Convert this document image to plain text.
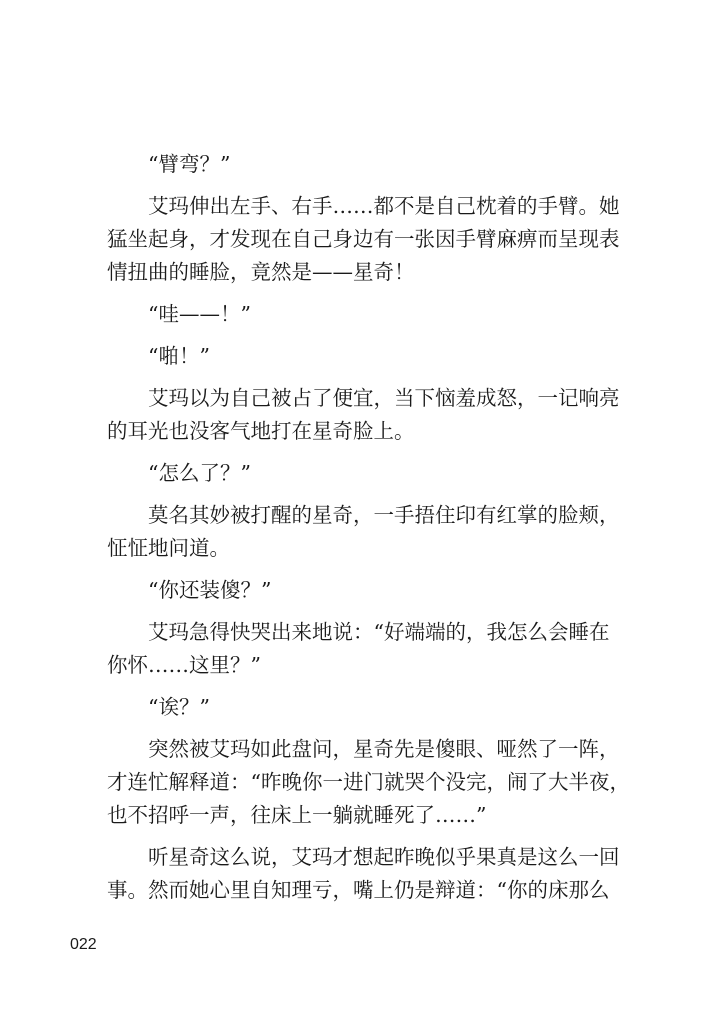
“臂弯？”

艾玛伸出左手、右手……都不是自己枕着的手臂。她
猛坐起身，才发现在自己身边有一张因手臂麻痹而呈现表
情扭曲的睡脸，竟然是——星奇！

“哇——！”

“啪！”

艾玛以为自己被占了便宜，当下恼羞成怒，一记响亮
的耳光也没客气地打在星奇脸上。

“怎么了？”

莫名其妙被打醒的星奇，一手捂住印有红掌的脸颊，
怔怔地问道。

“你还装傻？”

艾玛急得快哭出来地说：“好端端的，我怎么会睡在
你怀……这里？”

“诶？”

突然被艾玛如此盘问，星奇先是傻眼、哑然了一阵，
才连忙解释道：“昨晚你一进门就哭个没完，闹了大半夜，
也不招呼一声，往床上一躺就睡死了……”

听星奇这么说，艾玛才想起昨晚似乎果真是这么一回
事。然而她心里自知理亏，嘴上仍是辩道：“你的床那么

022
